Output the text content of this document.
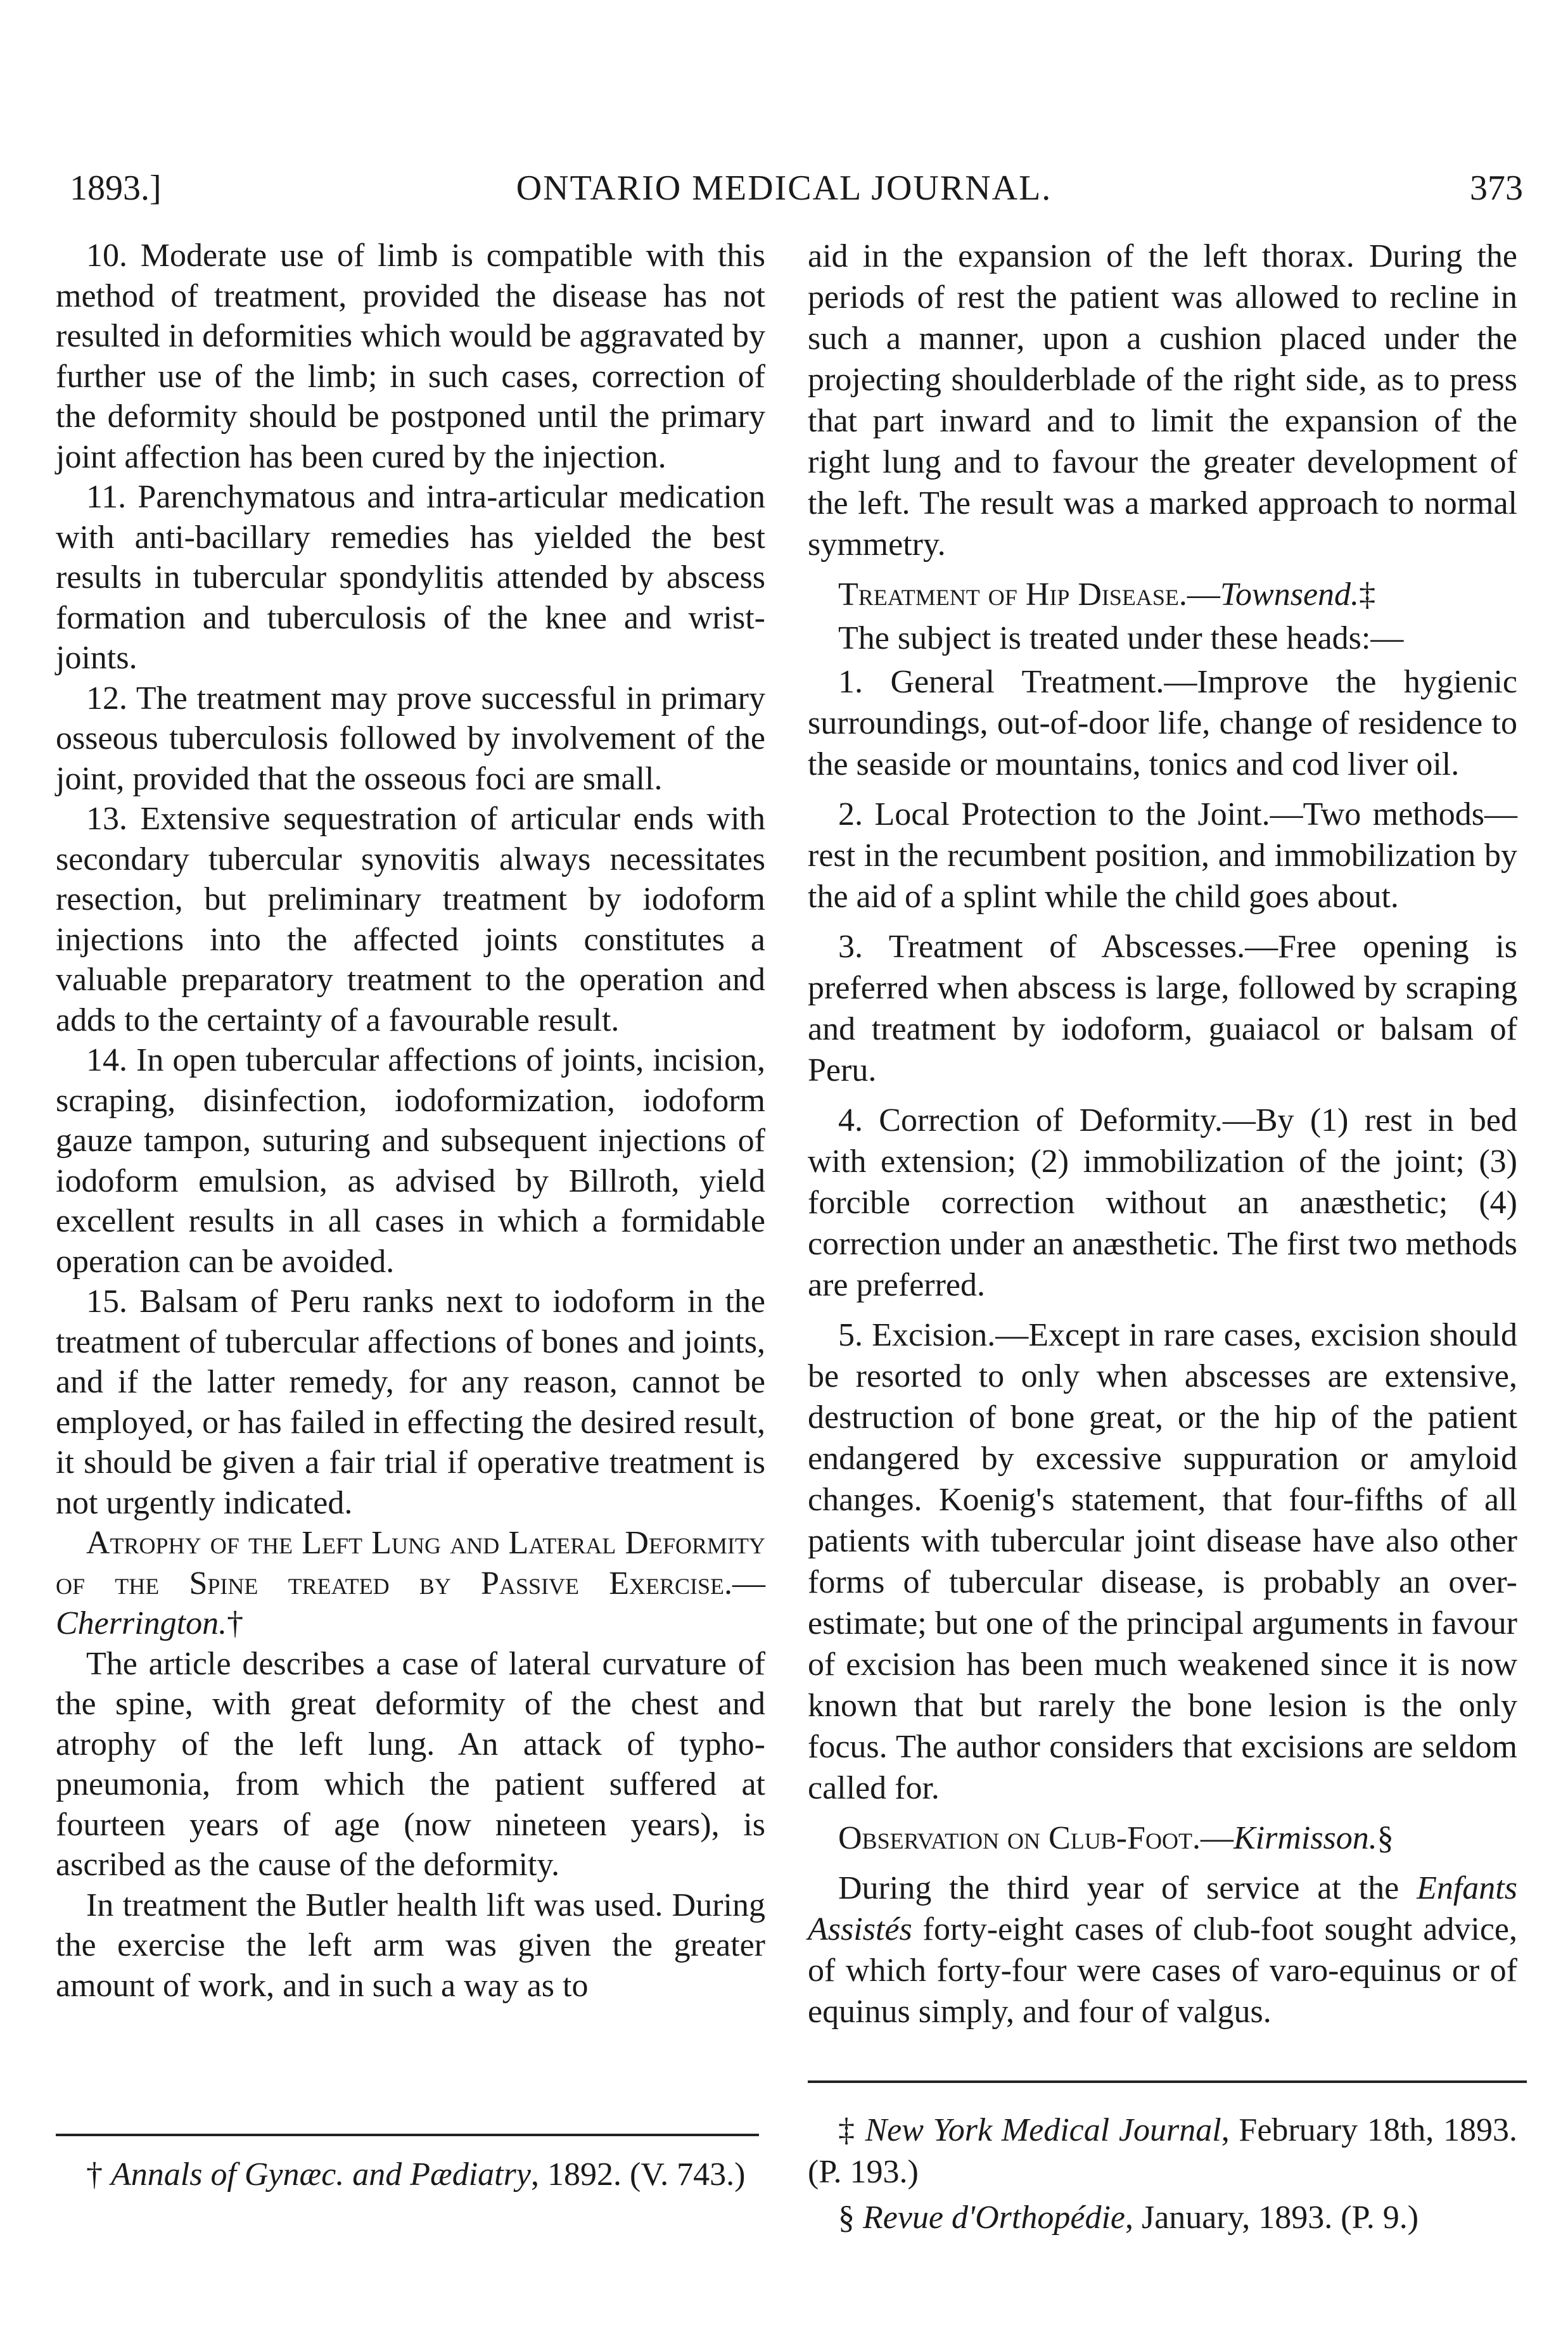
1893.]	ONTARIO MEDICAL JOURNAL.	373

10. Moderate use of limb is compatible with this method of treatment, provided the disease has not resulted in deformities which would be aggravated by further use of the limb; in such cases, correction of the deformity should be postponed until the primary joint affection has been cured by the injection.

11. Parenchymatous and intra-articular medication with anti-bacillary remedies has yielded the best results in tubercular spondylitis attended by abscess formation and tuberculosis of the knee and wrist-joints.

12. The treatment may prove successful in primary osseous tuberculosis followed by involvement of the joint, provided that the osseous foci are small.

13. Extensive sequestration of articular ends with secondary tubercular synovitis always necessitates resection, but preliminary treatment by iodoform injections into the affected joints constitutes a valuable preparatory treatment to the operation and adds to the certainty of a favourable result.

14. In open tubercular affections of joints, incision, scraping, disinfection, iodoformization, iodoform gauze tampon, suturing and subsequent injections of iodoform emulsion, as advised by Billroth, yield excellent results in all cases in which a formidable operation can be avoided.

15. Balsam of Peru ranks next to iodoform in the treatment of tubercular affections of bones and joints, and if the latter remedy, for any reason, cannot be employed, or has failed in effecting the desired result, it should be given a fair trial if operative treatment is not urgently indicated.

Atrophy of the Left Lung and Lateral Deformity of the Spine treated by Passive Exercise.—Cherrington.†

The article describes a case of lateral curvature of the spine, with great deformity of the chest and atrophy of the left lung. An attack of typho-pneumonia, from which the patient suffered at fourteen years of age (now nineteen years), is ascribed as the cause of the deformity.

In treatment the Butler health lift was used. During the exercise the left arm was given the greater amount of work, and in such a way as to

aid in the expansion of the left thorax. During the periods of rest the patient was allowed to recline in such a manner, upon a cushion placed under the projecting shoulderblade of the right side, as to press that part inward and to limit the expansion of the right lung and to favour the greater development of the left. The result was a marked approach to normal symmetry.

Treatment of Hip Disease.—Townsend.‡

The subject is treated under these heads:—

1. General Treatment.—Improve the hygienic surroundings, out-of-door life, change of residence to the seaside or mountains, tonics and cod liver oil.

2. Local Protection to the Joint.—Two methods—rest in the recumbent position, and immobilization by the aid of a splint while the child goes about.

3. Treatment of Abscesses.—Free opening is preferred when abscess is large, followed by scraping and treatment by iodoform, guaiacol or balsam of Peru.

4. Correction of Deformity.—By (1) rest in bed with extension; (2) immobilization of the joint; (3) forcible correction without an anæsthetic; (4) correction under an anæsthetic. The first two methods are preferred.

5. Excision.—Except in rare cases, excision should be resorted to only when abscesses are extensive, destruction of bone great, or the hip of the patient endangered by excessive suppuration or amyloid changes. Koenig's statement, that four-fifths of all patients with tubercular joint disease have also other forms of tubercular disease, is probably an over-estimate; but one of the principal arguments in favour of excision has been much weakened since it is now known that but rarely the bone lesion is the only focus. The author considers that excisions are seldom called for.

Observation on Club-Foot.—Kirmisson.§

During the third year of service at the Enfants Assistés forty-eight cases of club-foot sought advice, of which forty-four were cases of varo-equinus or of equinus simply, and four of valgus.

† Annals of Gynæc. and Pædiatry, 1892. (V. 743.)

‡ New York Medical Journal, February 18th, 1893. (P. 193.)

§ Revue d'Orthopédie, January, 1893. (P. 9.)
